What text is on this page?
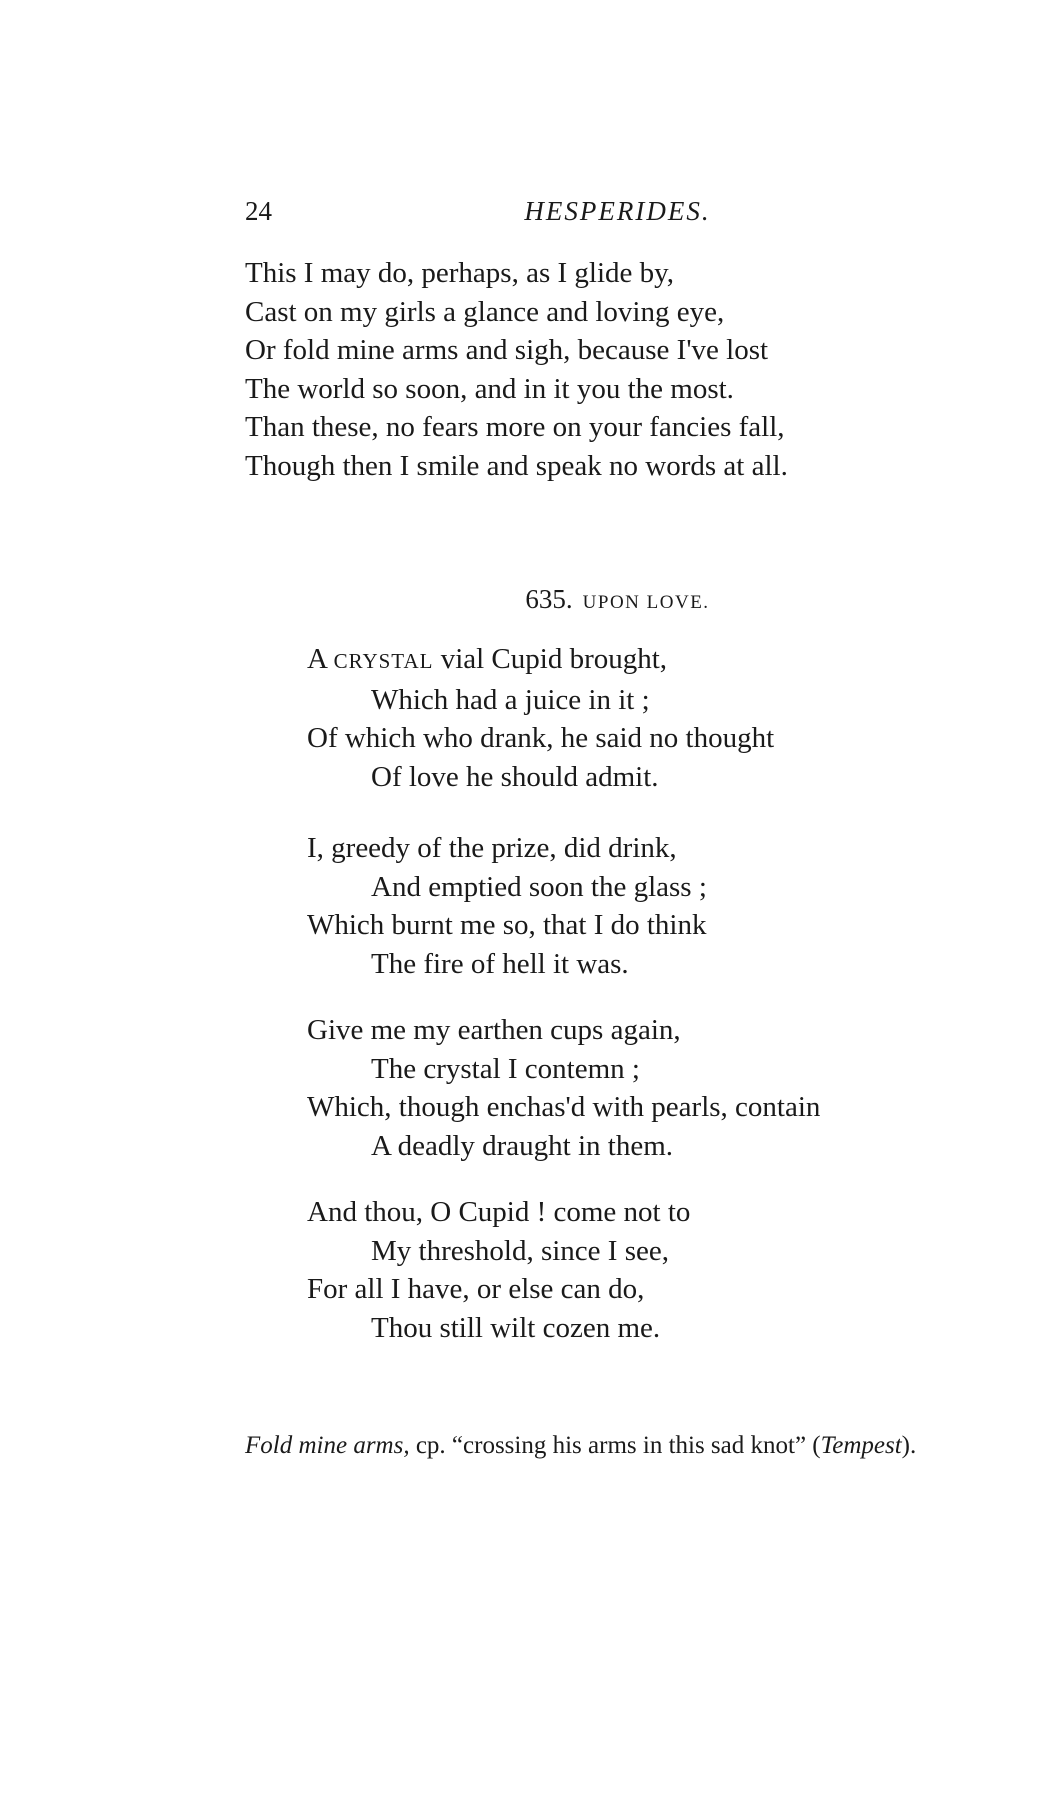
24	HESPERIDES.
This I may do, perhaps, as I glide by,
Cast on my girls a glance and loving eye,
Or fold mine arms and sigh, because I've lost
The world so soon, and in it you the most.
Than these, no fears more on your fancies fall,
Though then I smile and speak no words at all.
635. UPON LOVE.
A CRYSTAL vial Cupid brought,
Which had a juice in it ;
Of which who drank, he said no thought
Of love he should admit.
I, greedy of the prize, did drink,
And emptied soon the glass ;
Which burnt me so, that I do think
The fire of hell it was.
Give me my earthen cups again,
The crystal I contemn ;
Which, though enchas'd with pearls, contain
A deadly draught in them.
And thou, O Cupid ! come not to
My threshold, since I see,
For all I have, or else can do,
Thou still wilt cozen me.
Fold mine arms, cp. “crossing his arms in this sad knot” (Tempest).
